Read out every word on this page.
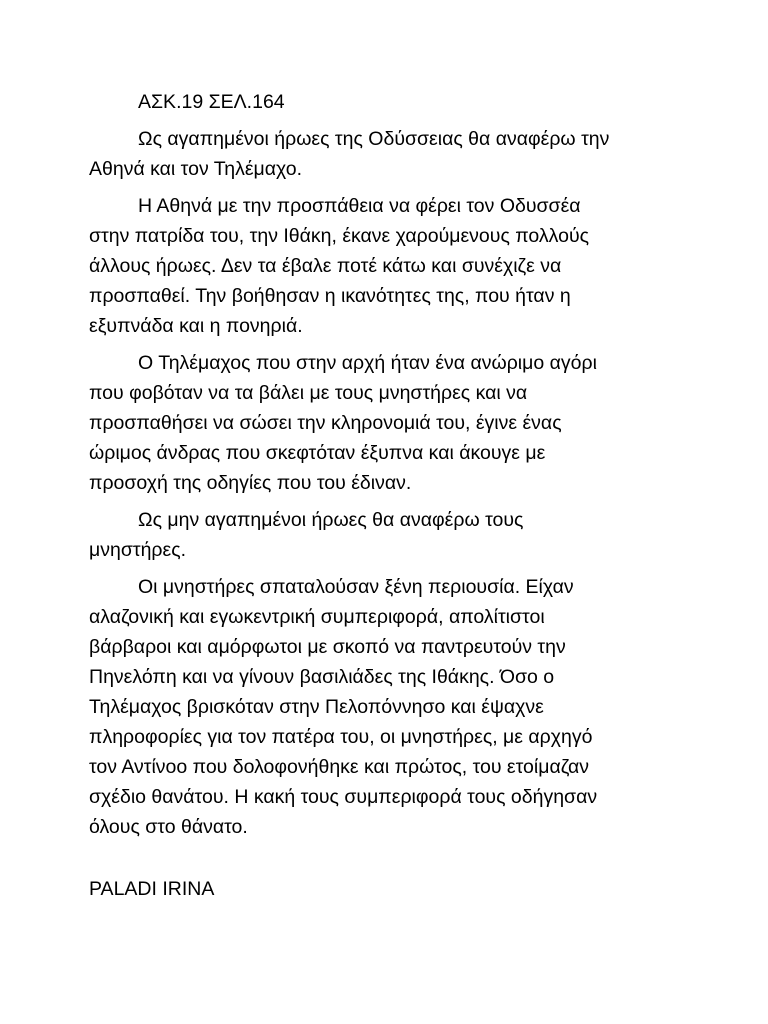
ΑΣΚ.19 ΣΕΛ.164

Ως αγαπημένοι ήρωες της Οδύσσειας θα αναφέρω την
Αθηνά και τον Τηλέμαχο.

Η Αθηνά με την προσπάθεια να φέρει τον Οδυσσέα
στην πατρίδα του, την Ιθάκη, έκανε χαρούμενους πολλούς
άλλους ήρωες. Δεν τα έβαλε ποτέ κάτω και συνέχιζε να
προσπαθεί. Την βοήθησαν η ικανότητες της, που ήταν η
εξυπνάδα και η πονηριά.

Ο Τηλέμαχος που στην αρχή ήταν ένα ανώριμο αγόρι
που φοβόταν να τα βάλει με τους μνηστήρες και να
προσπαθήσει να σώσει την κληρονομιά του, έγινε ένας
ώριμος άνδρας που σκεφτόταν έξυπνα και άκουγε με
προσοχή της οδηγίες που του έδιναν.

Ως μην αγαπημένοι ήρωες θα αναφέρω τους
μνηστήρες.

Οι μνηστήρες σπαταλούσαν ξένη περιουσία. Είχαν
αλαζονική και εγωκεντρική συμπεριφορά, απολίτιστοι
βάρβαροι και αμόρφωτοι με σκοπό να παντρευτούν την
Πηνελόπη και να γίνουν βασιλιάδες της Ιθάκης. Όσο ο
Τηλέμαχος βρισκόταν στην Πελοπόννησο και έψαχνε
πληροφορίες για τον πατέρα του, οι μνηστήρες, με αρχηγό
τον Αντίνοο που δολοφονήθηκε και πρώτος, του ετοίμαζαν
σχέδιο θανάτου. Η κακή τους συμπεριφορά τους οδήγησαν
όλους στο θάνατο.

PALADI IRINA
